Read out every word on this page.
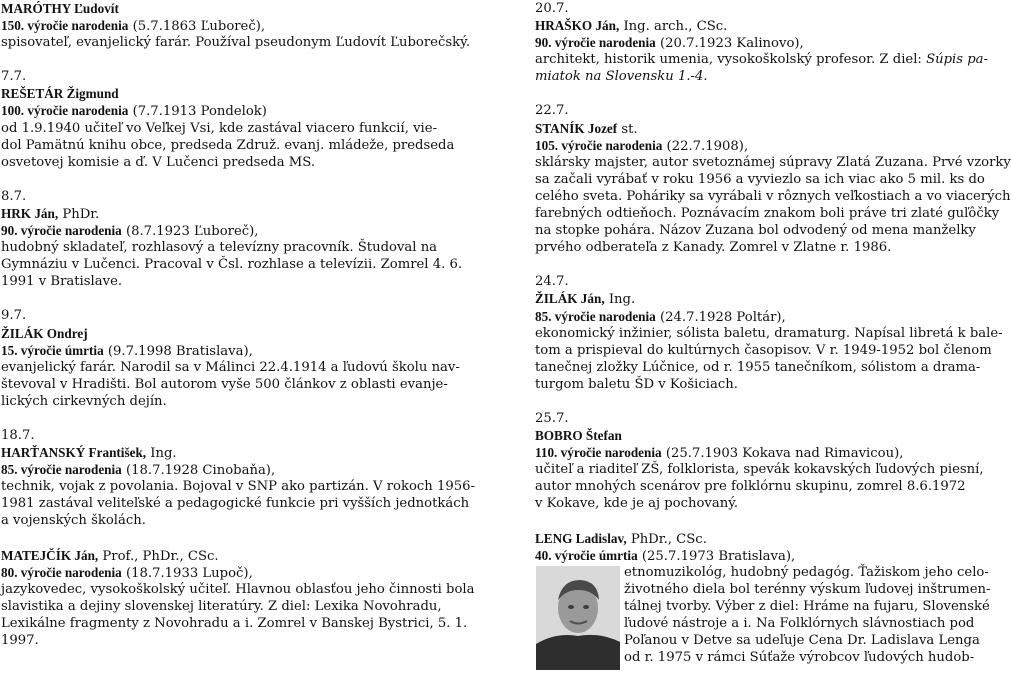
MARÓTHY Ľudovít
150. výročie narodenia (5.7.1863 Ľuboreč),
spisovateľ, evanjelický farár. Používal pseudonym Ľudovít Ľuborečský.
7.7.
REŠETÁR Žigmund
100. výročie narodenia (7.7.1913 Pondelok)
od 1.9.1940 učiteľ vo Veľkej Vsi, kde zastával viacero funkcií, vie-
dol Pamätnú knihu obce, predseda Združ. evanj. mládeže, predseda
osvetovej komisie a ď. V Lučenci predseda MS.
8.7.
HRK Ján, PhDr.
90. výročie narodenia (8.7.1923 Ľuboreč),
hudobný skladateľ, rozhlasový a televízny pracovník. Študoval na
Gymnáziu v Lučenci. Pracoval v Čsl. rozhlase a televízii. Zomrel 4. 6.
1991 v Bratislave.
9.7.
ŽILÁK Ondrej
15. výročie úmrtia (9.7.1998 Bratislava),
evanjelický farár. Narodil sa v Málinci 22.4.1914 a ľudovú školu nav-
števoval v Hradišti. Bol autorom vyše 500 článkov z oblasti evanje-
lických cirkevných dejín.
18.7.
HARŤANSKÝ František, Ing.
85. výročie narodenia (18.7.1928 Cinobaňa),
technik, vojak z povolania. Bojoval v SNP ako partizán. V rokoch 1956-
1981 zastával veliteľské a pedagogické funkcie pri vyšších jednotkách
a vojenských školách.
MATEJČÍK Ján, Prof., PhDr., CSc.
80. výročie narodenia (18.7.1933 Lupoč),
jazykovedec, vysokoškolský učiteľ. Hlavnou oblasťou jeho činnosti bola
slavistika a dejiny slovenskej literatúry. Z diel: Lexika Novohradu,
Lexikálne fragmenty z Novohradu a i. Zomrel v Banskej Bystrici, 5. 1.
1997.
20.7.
HRAŠKO Ján, Ing. arch., CSc.
90. výročie narodenia (20.7.1923 Kalinovo),
architekt, historik umenia, vysokoškolský profesor. Z diel: Súpis pa-
miatok na Slovensku 1.-4.
22.7.
STANÍK Jozef st.
105. výročie narodenia (22.7.1908),
sklársky majster, autor svetoznámej súpravy Zlatá Zuzana. Prvé vzorky
sa začali vyrábať v roku 1956 a vyviezlo sa ich viac ako 5 mil. ks do
celého sveta. Poháriky sa vyrábali v rôznych veľkostiach a vo viacerých
farebných odtieňoch. Poznávacím znakom boli práve tri zlaté guľôčky
na stopke pohára. Názov Zuzana bol odvodený od mena manželky
prvého odberateľa z Kanady. Zomrel v Zlatne r. 1986.
24.7.
ŽILÁK Ján, Ing.
85. výročie narodenia (24.7.1928 Poltár),
ekonomický inžinier, sólista baletu, dramaturg. Napísal libretá k bale-
tom a prispieval do kultúrnych časopisov. V r. 1949-1952 bol členom
tanečnej zložky Lúčnice, od r. 1955 tanečníkom, sólistom a drama-
turgom baletu ŠD v Košiciach.
25.7.
BOBRO Štefan
110. výročie narodenia (25.7.1903 Kokava nad Rimavicou),
učiteľ a riaditeľ ZŠ, folklorista, spevák kokavských ľudových piesní,
autor mnohých scenárov pre folklórnu skupinu, zomrel 8.6.1972
v Kokave, kde je aj pochovaný.
LENG Ladislav, PhDr., CSc.
40. výročie úmrtia (25.7.1973 Bratislava),
etnomuzikológ, hudobný pedagóg. Ťažiskom jeho celo-
životného diela bol terénny výskum ľudovej inštrumen-
tálnej tvorby. Výber z diel: Hráme na fujaru, Slovenské
ľudové nástroje a i. Na Folklórnych slávnostiach pod
Poľanou v Detve sa udeľuje Cena Dr. Ladislava Lenga
od r. 1975 v rámci Súťaže výrobcov ľudových hudob-
